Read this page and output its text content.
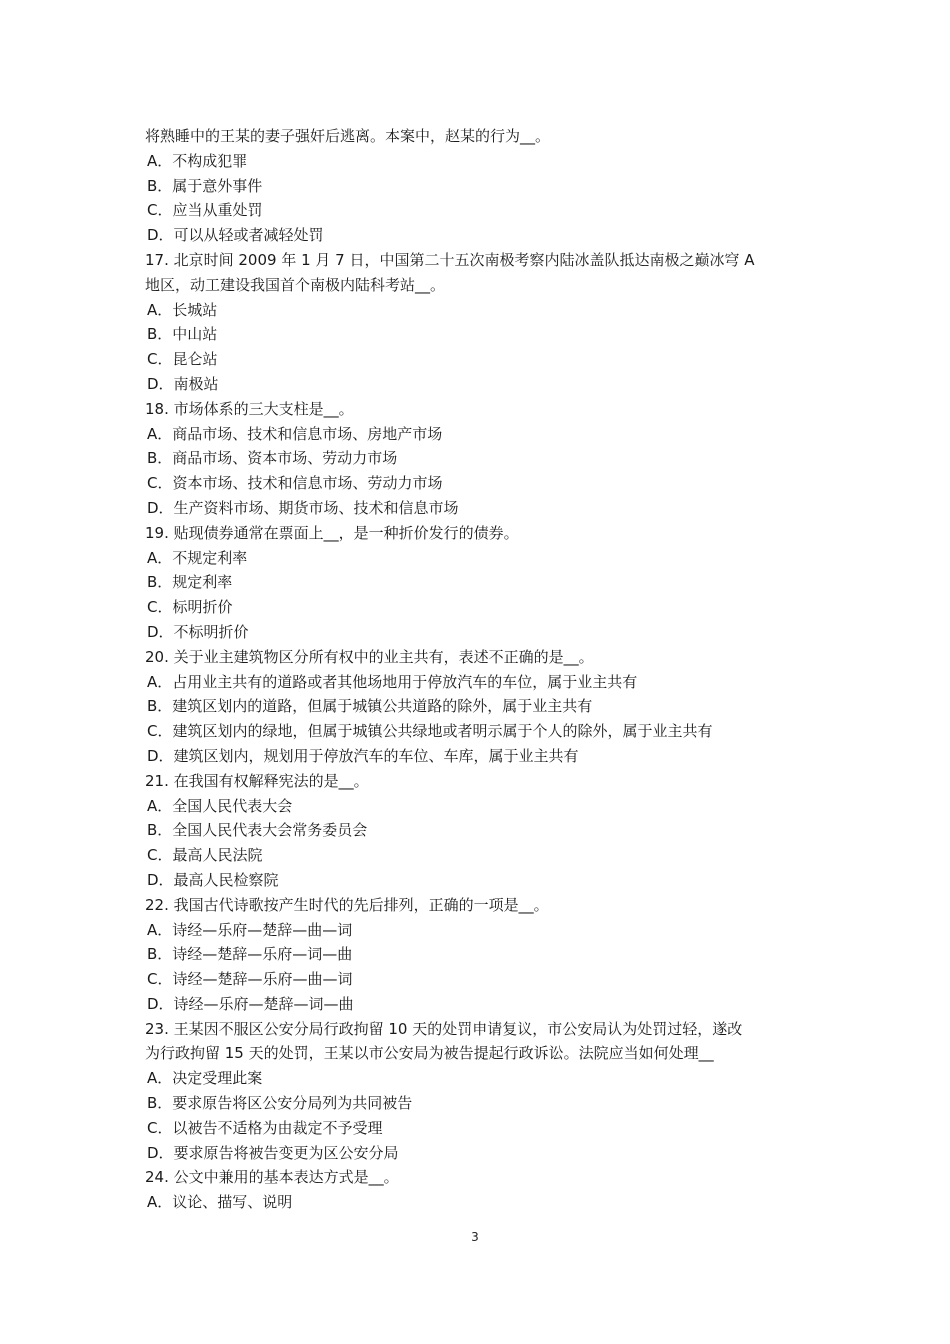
将熟睡中的王某的妻子强奸后逃离。本案中，赵某的行为__。
A．不构成犯罪
B．属于意外事件
C．应当从重处罚
D．可以从轻或者减轻处罚
17. 北京时间 2009 年 1 月 7 日，中国第二十五次南极考察内陆冰盖队抵达南极之巅冰穹 A
地区，动工建设我国首个南极内陆科考站__。
A．长城站
B．中山站
C．昆仑站
D．南极站
18. 市场体系的三大支柱是__。
A．商品市场、技术和信息市场、房地产市场
B．商品市场、资本市场、劳动力市场
C．资本市场、技术和信息市场、劳动力市场
D．生产资料市场、期货市场、技术和信息市场
19. 贴现债券通常在票面上__，是一种折价发行的债券。
A．不规定利率
B．规定利率
C．标明折价
D．不标明折价
20. 关于业主建筑物区分所有权中的业主共有，表述不正确的是__。
A．占用业主共有的道路或者其他场地用于停放汽车的车位，属于业主共有
B．建筑区划内的道路，但属于城镇公共道路的除外，属于业主共有
C．建筑区划内的绿地，但属于城镇公共绿地或者明示属于个人的除外，属于业主共有
D．建筑区划内，规划用于停放汽车的车位、车库，属于业主共有
21. 在我国有权解释宪法的是__。
A．全国人民代表大会
B．全国人民代表大会常务委员会
C．最高人民法院
D．最高人民检察院
22. 我国古代诗歌按产生时代的先后排列，正确的一项是__。
A．诗经—乐府—楚辞—曲—词
B．诗经—楚辞—乐府—词—曲
C．诗经—楚辞—乐府—曲—词
D．诗经—乐府—楚辞—词—曲
23. 王某因不服区公安分局行政拘留 10 天的处罚申请复议，市公安局认为处罚过轻，遂改
为行政拘留 15 天的处罚，王某以市公安局为被告提起行政诉讼。法院应当如何处理__
A．决定受理此案
B．要求原告将区公安分局列为共同被告
C．以被告不适格为由裁定不予受理
D．要求原告将被告变更为区公安分局
24. 公文中兼用的基本表达方式是__。
A．议论、描写、说明
3
